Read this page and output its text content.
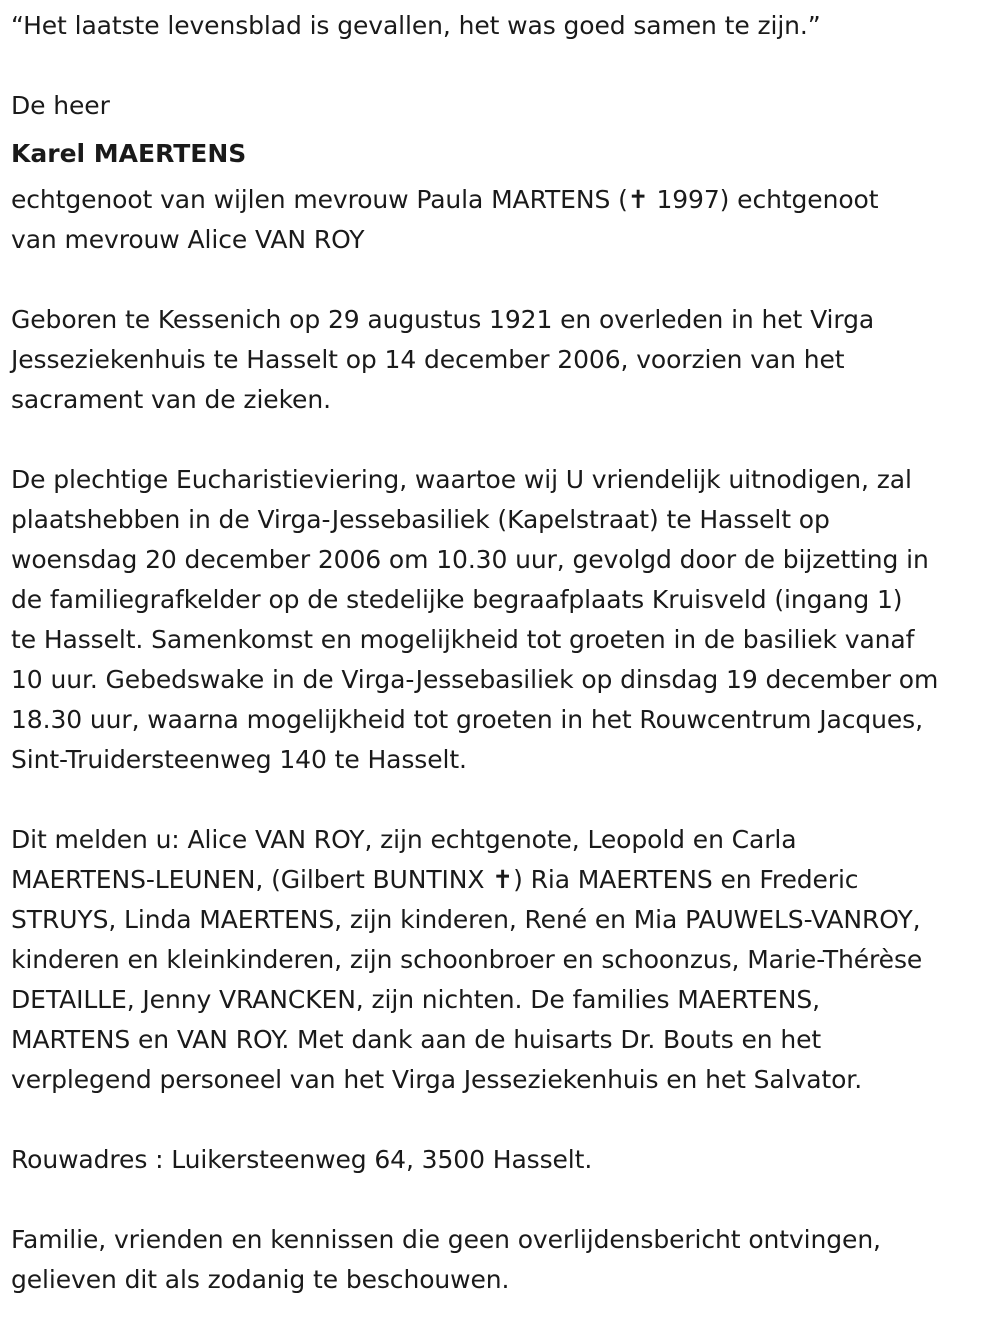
“Het laatste levensblad is gevallen, het was goed samen te zijn.”
De heer
Karel MAERTENS
echtgenoot van wijlen mevrouw Paula MARTENS (✝ 1997) echtgenoot
van mevrouw Alice VAN ROY
Geboren te Kessenich op 29 augustus 1921 en overleden in het Virga
Jesseziekenhuis te Hasselt op 14 december 2006, voorzien van het
sacrament van de zieken.
De plechtige Eucharistieviering, waartoe wij U vriendelijk uitnodigen, zal
plaatshebben in de Virga-Jessebasiliek (Kapelstraat) te Hasselt op
woensdag 20 december 2006 om 10.30 uur, gevolgd door de bijzetting in
de familiegrafkelder op de stedelijke begraafplaats Kruisveld (ingang 1)
te Hasselt. Samenkomst en mogelijkheid tot groeten in de basiliek vanaf
10 uur. Gebedswake in de Virga-Jessebasiliek op dinsdag 19 december om
18.30 uur, waarna mogelijkheid tot groeten in het Rouwcentrum Jacques,
Sint-Truidersteenweg 140 te Hasselt.
Dit melden u: Alice VAN ROY, zijn echtgenote, Leopold en Carla
MAERTENS-LEUNEN, (Gilbert BUNTINX ✝) Ria MAERTENS en Frederic
STRUYS, Linda MAERTENS, zijn kinderen, René en Mia PAUWELS-VANROY,
kinderen en kleinkinderen, zijn schoonbroer en schoonzus, Marie-Thérèse
DETAILLE, Jenny VRANCKEN, zijn nichten. De families MAERTENS,
MARTENS en VAN ROY. Met dank aan de huisarts Dr. Bouts en het
verplegend personeel van het Virga Jesseziekenhuis en het Salvator.
Rouwadres : Luikersteenweg 64, 3500 Hasselt.
Familie, vrienden en kennissen die geen overlijdensbericht ontvingen,
gelieven dit als zodanig te beschouwen.
